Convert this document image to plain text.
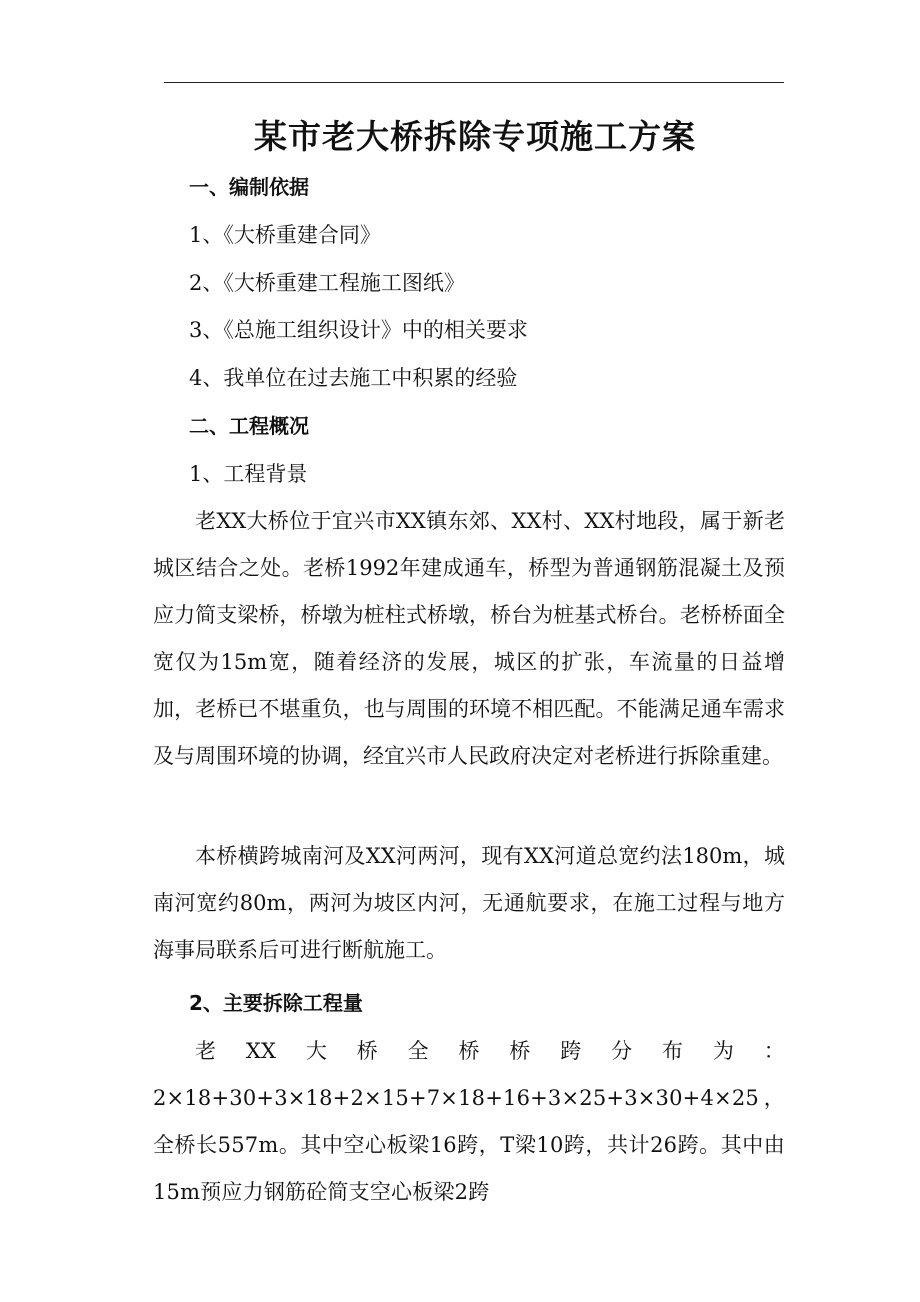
某市老大桥拆除专项施工方案
一、编制依据
1、《大桥重建合同》
2、《大桥重建工程施工图纸》
3、《总施工组织设计》中的相关要求
4、我单位在过去施工中积累的经验
二、工程概况
1、工程背景
老XX大桥位于宜兴市XX镇东郊、XX村、XX村地段，属于新老城区结合之处。老桥1992年建成通车，桥型为普通钢筋混凝土及预应力简支梁桥，桥墩为桩柱式桥墩，桥台为桩基式桥台。老桥桥面全宽仅为15m宽，随着经济的发展，城区的扩张，车流量的日益增加，老桥已不堪重负，也与周围的环境不相匹配。不能满足通车需求及与周围环境的协调，经宜兴市人民政府决定对老桥进行拆除重建。
本桥横跨城南河及XX河两河，现有XX河道总宽约法180m，城南河宽约80m，两河为坡区内河，无通航要求，在施工过程与地方海事局联系后可进行断航施工。
2、主要拆除工程量
老XX大桥全桥桥跨分布为：2×18+30+3×18+2×15+7×18+16+3×25+3×30+4×25，全桥长557m。其中空心板梁16跨，T梁10跨，共计26跨。其中由15m预应力钢筋砼简支空心板梁2跨
